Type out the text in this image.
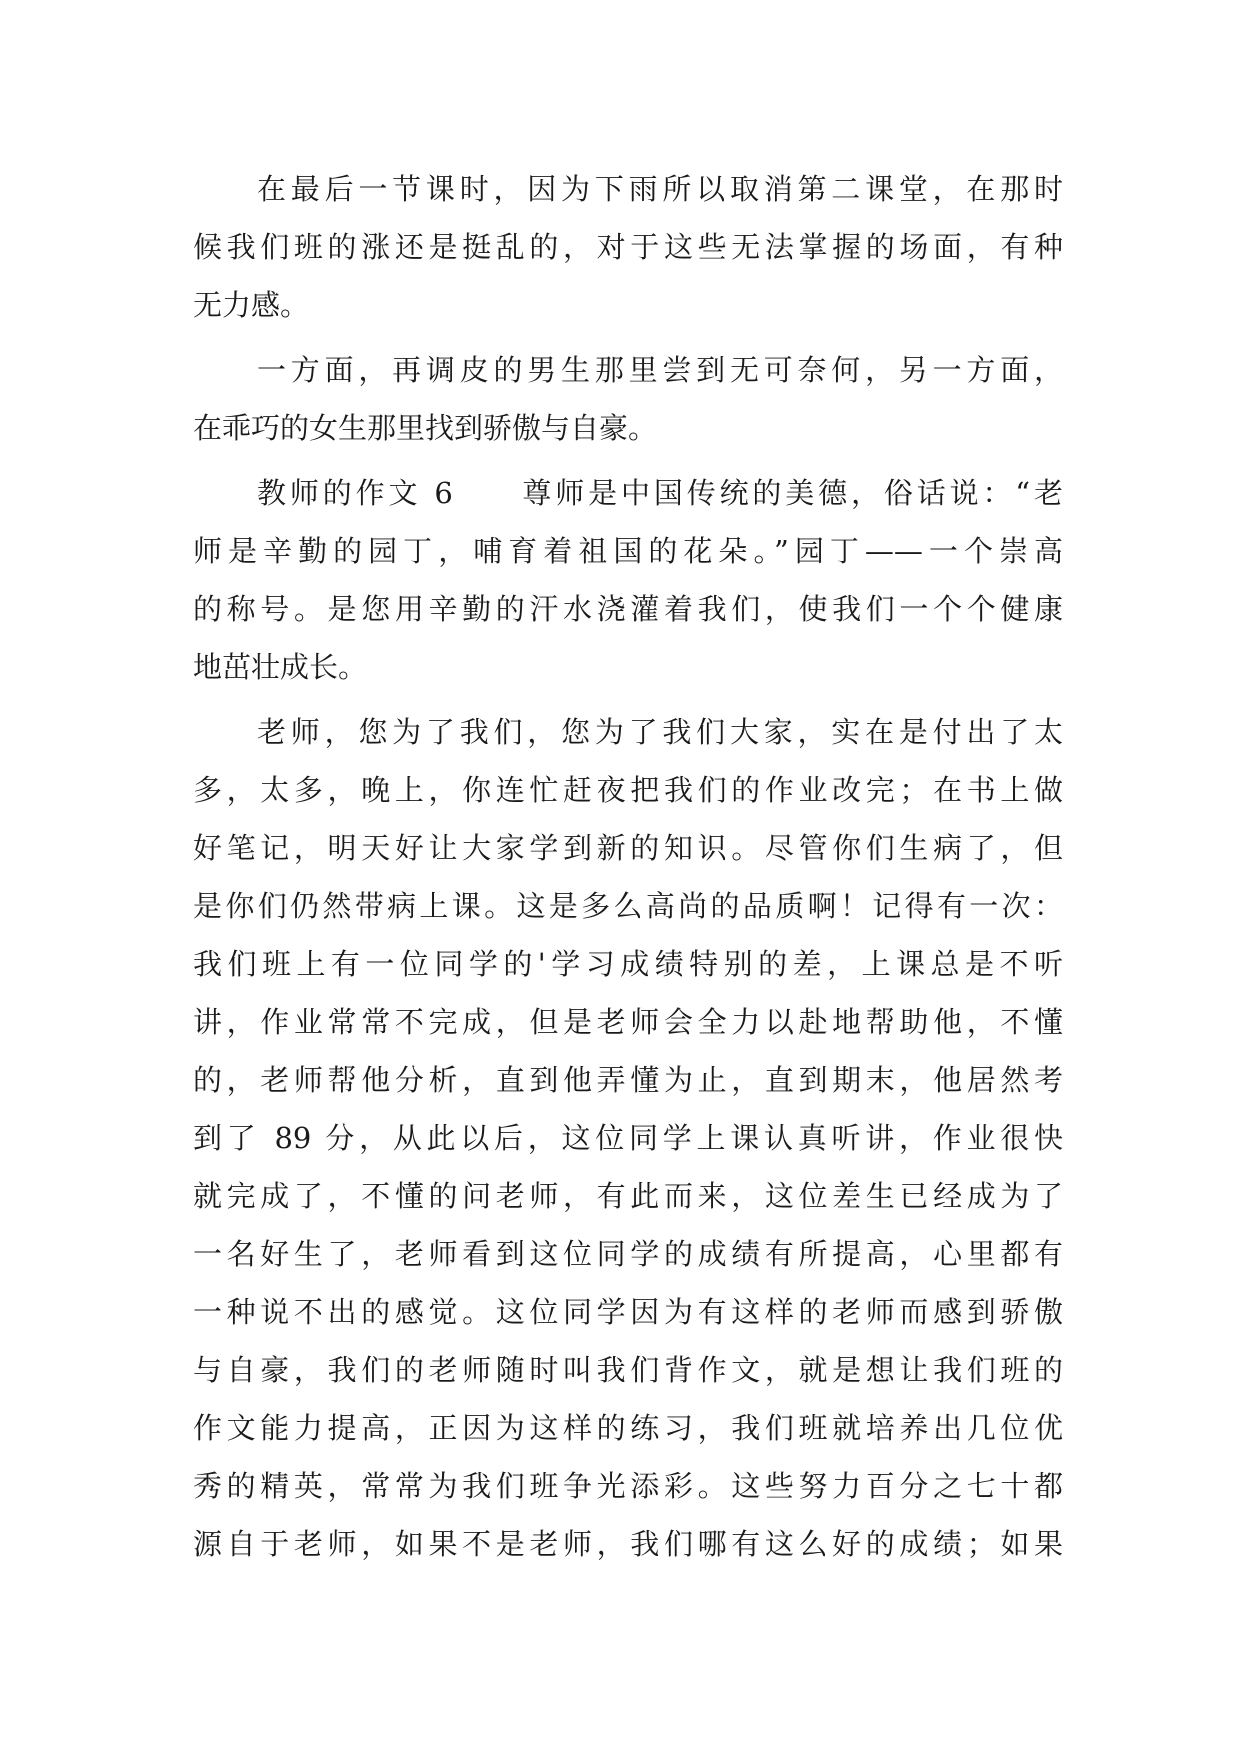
在最后一节课时，因为下雨所以取消第二课堂，在那时
候我们班的涨还是挺乱的，对于这些无法掌握的场面，有种
无力感。
一方面，再调皮的男生那里尝到无可奈何，另一方面，
在乖巧的女生那里找到骄傲与自豪。
教师的作文 6　　尊师是中国传统的美德，俗话说：“老
师是辛勤的园丁，哺育着祖国的花朵。”园丁——一个崇高
的称号。是您用辛勤的汗水浇灌着我们，使我们一个个健康
地茁壮成长。
老师，您为了我们，您为了我们大家，实在是付出了太
多，太多，晚上，你连忙赶夜把我们的作业改完；在书上做
好笔记，明天好让大家学到新的知识。尽管你们生病了，但
是你们仍然带病上课。这是多么高尚的品质啊！记得有一次：
我们班上有一位同学的'学习成绩特别的差，上课总是不听
讲，作业常常不完成，但是老师会全力以赴地帮助他，不懂
的，老师帮他分析，直到他弄懂为止，直到期末，他居然考
到了 89 分，从此以后，这位同学上课认真听讲，作业很快
就完成了，不懂的问老师，有此而来，这位差生已经成为了
一名好生了，老师看到这位同学的成绩有所提高，心里都有
一种说不出的感觉。这位同学因为有这样的老师而感到骄傲
与自豪，我们的老师随时叫我们背作文，就是想让我们班的
作文能力提高，正因为这样的练习，我们班就培养出几位优
秀的精英，常常为我们班争光添彩。这些努力百分之七十都
源自于老师，如果不是老师，我们哪有这么好的成绩；如果
